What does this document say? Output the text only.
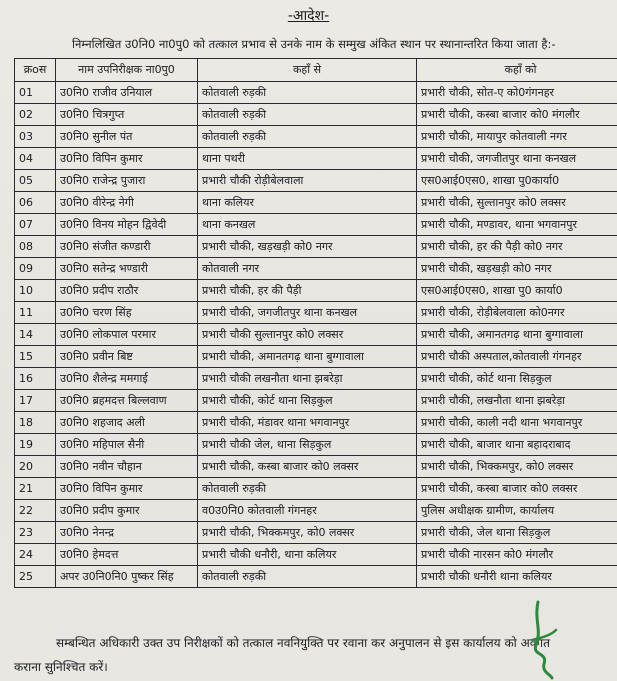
-आदेश-
निम्नलिखित उ0नि0 ना0पु0 को तत्काल प्रभाव से उनके नाम के सम्मुख अंकित स्थान पर स्थानान्तरित किया जाता है:-
क्रoस	नाम उपनिरीक्षक ना0पु0	कहाँ से	कहाँ को
01	उ0नि0 राजीव उनियाल	कोतवाली रुड़की	प्रभारी चौकी, सोत-ए को0गंगनहर
02	उ0नि0 चित्रगुप्त	कोतवाली रुड़की	प्रभारी चौकी, कस्बा बाजार को0 मंगलौर
03	उ0नि0 सुनील पंत	कोतवाली रुड़की	प्रभारी चौकी, मायापुर कोतवाली नगर
04	उ0नि0 विपिन कुमार	थाना पथरी	प्रभारी चौकी, जगजीतपुर थाना कनखल
05	उ0नि0 राजेन्द्र पुजारा	प्रभारी चौकी रोड़ीबेलवाला	एस0आई0एस0, शाखा पु0कार्या0
06	उ0नि0 वीरेन्द्र नेगी	थाना कलियर	प्रभारी चौकी, सुल्तानपुर को0 लक्सर
07	उ0नि0 विनय मोहन द्विवेदी	थाना कनखल	प्रभारी चौकी, मण्डावर, थाना भगवानपुर
08	उ0नि0 संजीत कण्डारी	प्रभारी चौकी, खड़खड़ी को0 नगर	प्रभारी चौकी, हर की पैड़ी को0 नगर
09	उ0नि0 सतेन्द्र भण्डारी	कोतवाली नगर	प्रभारी चौकी, खड़खड़ी को0 नगर
10	उ0नि0 प्रदीप राठौर	प्रभारी चौकी, हर की पैड़ी	एस0आई0एस0, शाखा पु0 कार्या0
11	उ0नि0 चरण सिंह	प्रभारी चौकी, जगजीतपुर थाना कनखल	प्रभारी चौकी, रोड़ीबेलवाला को0नगर
14	उ0नि0 लोकपाल परमार	प्रभारी चौकी सुल्तानपुर को0 लक्सर	प्रभारी चौकी, अमानतगढ़ थाना बुग्गावाला
15	उ0नि0 प्रवीन बिष्ट	प्रभारी चौकी, अमानतगढ़ थाना बुग्गावाला	प्रभारी चौकी अस्पताल,कोतवाली गंगनहर
16	उ0नि0 शैलेन्द्र ममगाई	प्रभारी चौकी लखनौता थाना झबरेड़ा	प्रभारी चौकी, कोर्ट थाना सिड़कुल
17	उ0नि0 ब्रहमदत्त बिल्लवाण	प्रभारी चौकी, कोर्ट थाना सिड़कुल	प्रभारी चौकी, लखनौता थाना झबरेड़ा
18	उ0नि0 शहजाद अली	प्रभारी चौकी, मंडावर थाना भगवानपुर	प्रभारी चौकी, काली नदी थाना भगवानपुर
19	उ0नि0 महिपाल सैनी	प्रभारी चौकी जेल, थाना सिड़कुल	प्रभारी चौकी, बाजार थाना बहादराबाद
20	उ0नि0 नवीन चौहान	प्रभारी चौकी, कस्बा बाजार को0 लक्सर	प्रभारी चौकी, भिक्कमपुर, को0 लक्सर
21	उ0नि0 विपिन कुमार	कोतवाली रुड़की	प्रभारी चौकी, कस्बा बाजार को0 लक्सर
22	उ0नि0 प्रदीप कुमार	व0उ0नि0 कोतवाली गंगनहर	पुलिस अधीक्षक ग्रामीण, कार्यालय
23	उ0नि0 नेनन्द्र	प्रभारी चौकी, भिक्कमपुर, को0 लक्सर	प्रभारी चौकी, जेल थाना सिड़कुल
24	उ0नि0 हेमदत्त	प्रभारी चौकी धनौरी, थाना कलियर	प्रभारी चौकी नारसन को0 मंगलौर
25	अपर उ0नि0नि0 पुष्कर सिंह	कोतवाली रुड़की	प्रभारी चौकी धनौरी थाना कलियर
सम्बन्धित अधिकारी उक्त उप निरीक्षकों को तत्काल नवनियुक्ति पर रवाना कर अनुपालन से इस कार्यालय को अवगत
कराना सुनिश्चित करें।
